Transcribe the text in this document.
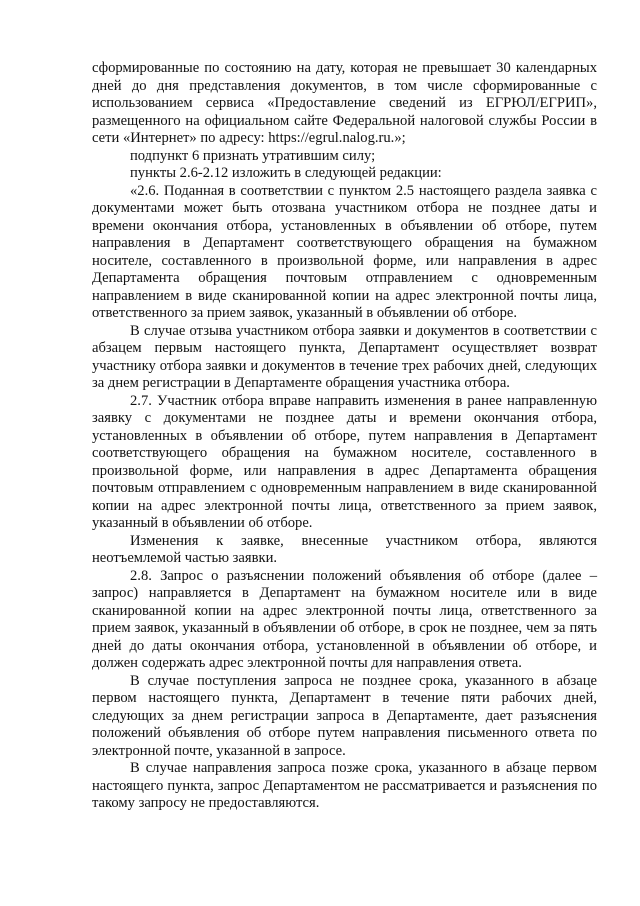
сформированные по состоянию на дату, которая не превышает 30 календарных дней до дня представления документов, в том числе сформированные с использованием сервиса «Предоставление сведений из ЕГРЮЛ/ЕГРИП», размещенного на официальном сайте Федеральной налоговой службы России в сети «Интернет» по адресу: https://egrul.nalog.ru.»;

подпункт 6 признать утратившим силу;

пункты 2.6-2.12 изложить в следующей редакции:

«2.6. Поданная в соответствии с пунктом 2.5 настоящего раздела заявка с документами может быть отозвана участником отбора не позднее даты и времени окончания отбора, установленных в объявлении об отборе, путем направления в Департамент соответствующего обращения на бумажном носителе, составленного в произвольной форме, или направления в адрес Департамента обращения почтовым отправлением с одновременным направлением в виде сканированной копии на адрес электронной почты лица, ответственного за прием заявок, указанный в объявлении об отборе.

В случае отзыва участником отбора заявки и документов в соответствии с абзацем первым настоящего пункта, Департамент осуществляет возврат участнику отбора заявки и документов в течение трех рабочих дней, следующих за днем регистрации в Департаменте обращения участника отбора.

2.7. Участник отбора вправе направить изменения в ранее направленную заявку с документами не позднее даты и времени окончания отбора, установленных в объявлении об отборе, путем направления в Департамент соответствующего обращения на бумажном носителе, составленного в произвольной форме, или направления в адрес Департамента обращения почтовым отправлением с одновременным направлением в виде сканированной копии на адрес электронной почты лица, ответственного за прием заявок, указанный в объявлении об отборе.

Изменения к заявке, внесенные участником отбора, являются неотъемлемой частью заявки.

2.8. Запрос о разъяснении положений объявления об отборе (далее – запрос) направляется в Департамент на бумажном носителе или в виде сканированной копии на адрес электронной почты лица, ответственного за прием заявок, указанный в объявлении об отборе, в срок не позднее, чем за пять дней до даты окончания отбора, установленной в объявлении об отборе, и должен содержать адрес электронной почты для направления ответа.

В случае поступления запроса не позднее срока, указанного в абзаце первом настоящего пункта, Департамент в течение пяти рабочих дней, следующих за днем регистрации запроса в Департаменте, дает разъяснения положений объявления об отборе путем направления письменного ответа по электронной почте, указанной в запросе.

В случае направления запроса позже срока, указанного в абзаце первом настоящего пункта, запрос Департаментом не рассматривается и разъяснения по такому запросу не предоставляются.
